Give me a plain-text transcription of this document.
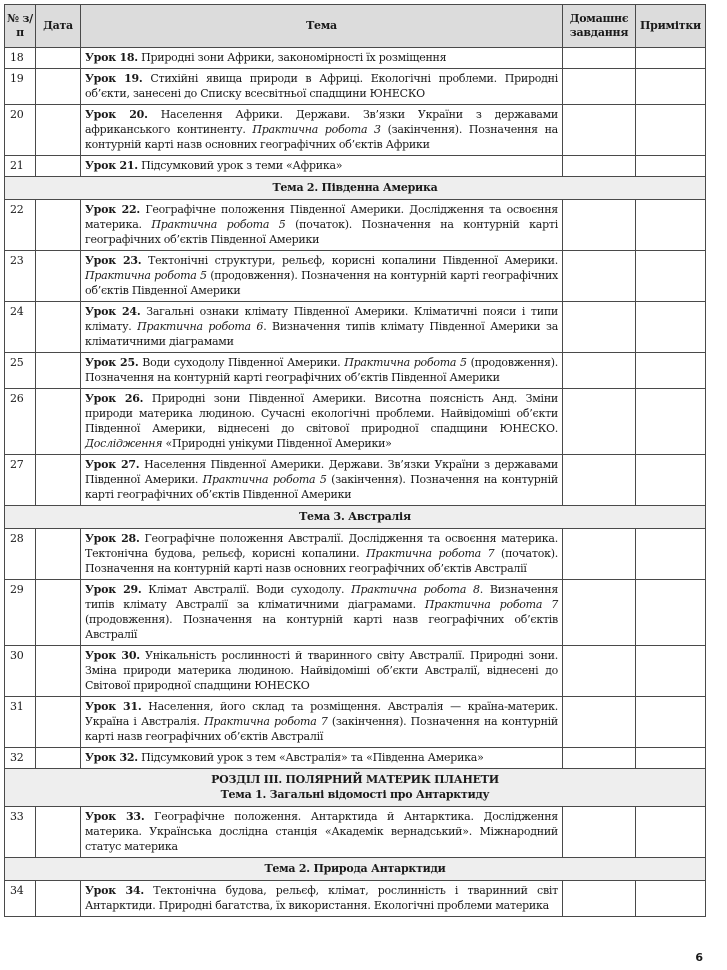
№ з/п	Дата	Тема	Домашнє завдання	Примітки
18		Урок 18. Природні зони Африки, закономірності їх розміщення		
19		Урок 19. Стихійні явища природи в Африці. Екологічні проблеми. Природні об’єкти, занесені до Списку всесвітньої спадщини ЮНЕСКО		
20		Урок 20. Населення Африки. Держави. Зв’язки України з державами африканського континенту. Практична робота 3 (закінчення). Позначення на контурній карті назв основних географічних об’єктів Африки		
21		Урок 21. Підсумковий урок з теми «Африка»		

Тема 2. Південна Америка				

22		Урок 22. Географічне положення Південної Америки. Дослідження та освоєння материка. Практична робота 5 (початок). Позначення на контурній карті географічних об’єктів Південної Америки		
23		Урок 23. Тектонічні структури, рельєф, корисні копалини Південної Америки. Практична робота 5 (продовження). Позначення на контурній карті географічних об’єктів Південної Америки		
24		Урок 24. Загальні ознаки клімату Південної Америки. Кліматичні пояси і типи клімату. Практична робота 6. Визначення типів клімату Південної Америки за кліматичними діаграмами		
25		Урок 25. Води суходолу Південної Америки. Практична робота 5 (продовження). Позначення на контурній карті географічних об’єктів Південної Америки		
26		Урок 26. Природні зони Південної Америки. Висотна поясність Анд. Зміни природи материка людиною. Сучасні екологічні проблеми. Найвідоміші об’єкти Південної Америки, віднесені до світової природної спадщини ЮНЕСКО. Дослідження «Природні унікуми Південної Америки»		
27		Урок 27. Населення Південної Америки. Держави. Зв’язки України з державами Південної Америки. Практична робота 5 (закінчення). Позначення на контурній карті географічних об’єктів Південної Америки		

Тема 3. Австралія				

28		Урок 28. Географічне положення Австралії. Дослідження та освоєння материка. Тектонічна будова, рельєф, корисні копалини. Практична робота 7 (початок). Позначення на контурній карті назв основних географічних об’єктів Австралії		
29		Урок 29. Клімат Австралії. Води суходолу. Практична робота 8. Визначення типів клімату Австралії за кліматичними діаграмами. Практична робота 7 (продовження). Позначення на контурній карті назв географічних об’єктів Австралії		
30		Урок 30. Унікальність рослинності й тваринного світу Австралії. Природні зони. Зміна природи материка людиною. Найвідоміші об’єкти Австралії, віднесені до Світової природної спадщини ЮНЕСКО		
31		Урок 31. Населення, його склад та розміщення. Австралія — країна-материк. Україна і Австралія. Практична робота 7 (закінчення). Позначення на контурній карті назв географічних об’єктів Австралії		
32		Урок 32. Підсумковий урок з тем «Австралія» та «Південна Америка»		

РОЗДІЛ III. ПОЛЯРНИЙ МАТЕРИК ПЛАНЕТИ
Тема 1. Загальні відомості про Антарктиду				

33		Урок 33. Географічне положення. Антарктида й Антарктика. Дослідження материка. Українська дослідна станція «Академік вернадський». Міжнародний статус материка		

Тема 2. Природа Антарктиди				

34		Урок 34. Тектонічна будова, рельєф, клімат, рослинність і тваринний світ Антарктиди. Природні багатства, їх використання. Екологічні проблеми материка		
6
